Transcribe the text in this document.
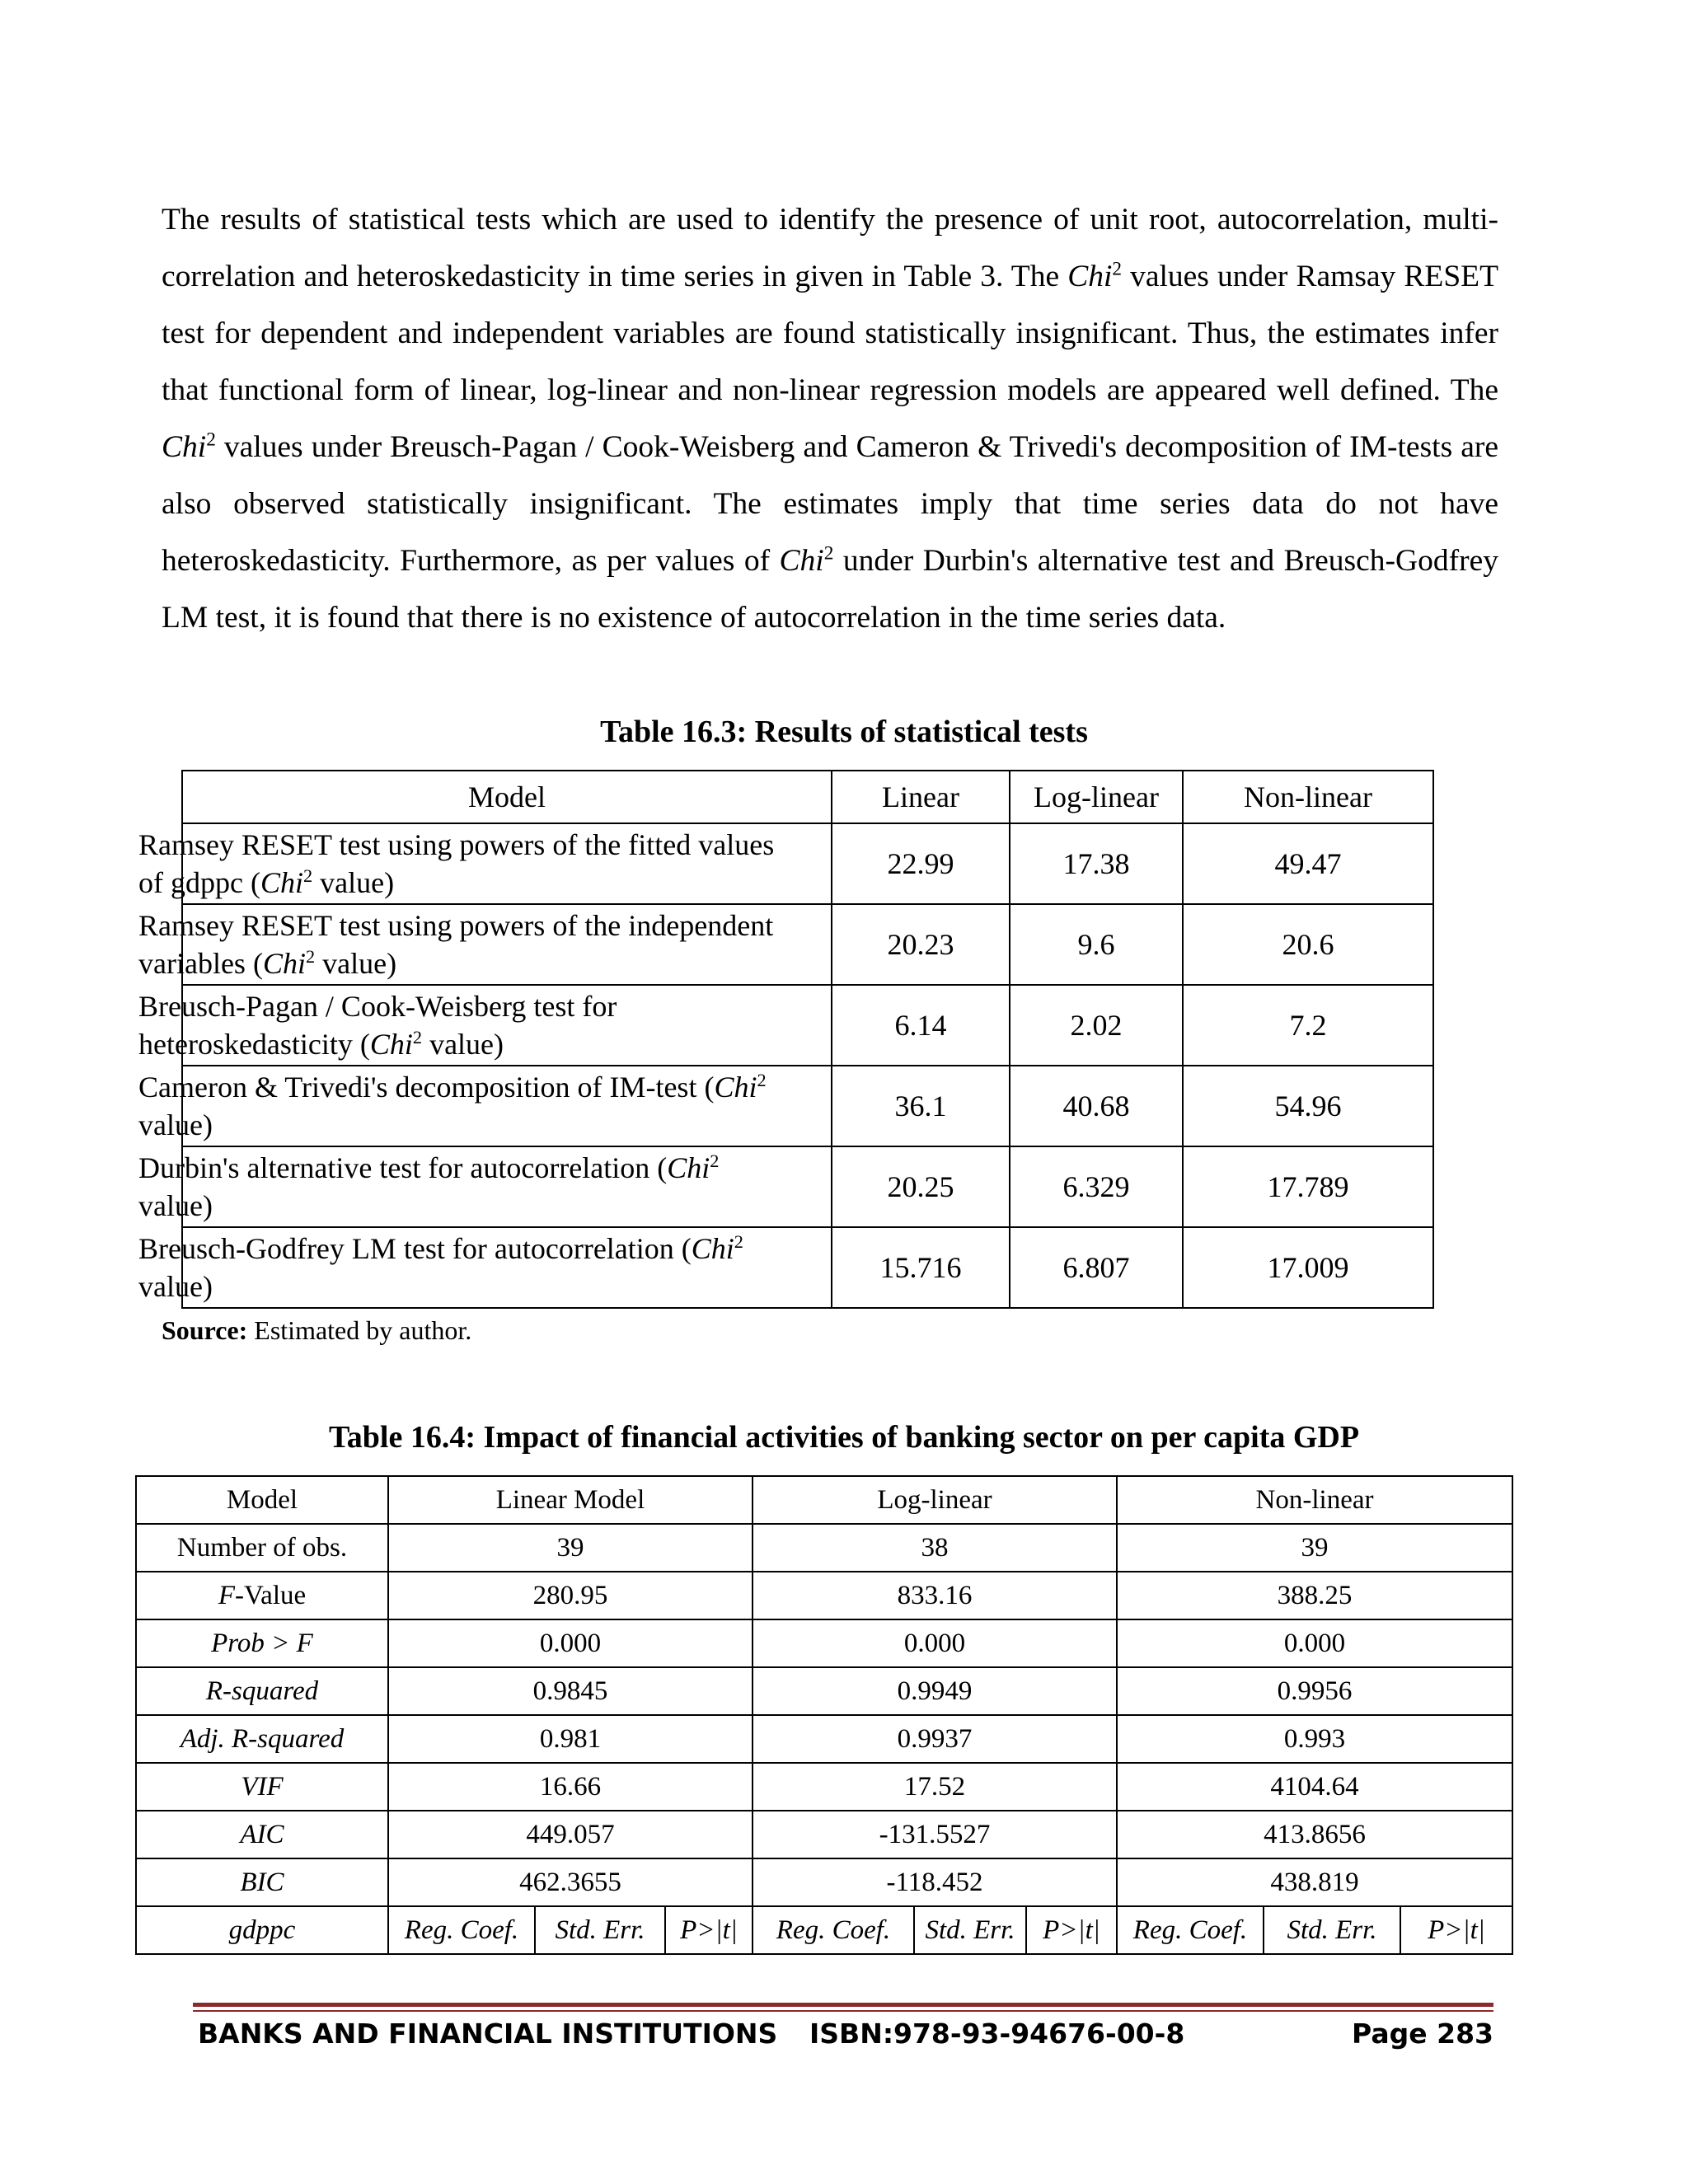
The results of statistical tests which are used to identify the presence of unit root, autocorrelation, multi-correlation and heteroskedasticity in time series in given in Table 3. The Chi$^2$ values under Ramsay RESET test for dependent and independent variables are found statistically insignificant. Thus, the estimates infer that functional form of linear, log-linear and non-linear regression models are appeared well defined. The Chi$^2$ values under Breusch-Pagan / Cook-Weisberg and Cameron & Trivedi's decomposition of IM-tests are also observed statistically insignificant. The estimates imply that time series data do not have heteroskedasticity. Furthermore, as per values of Chi$^2$ under Durbin's alternative test and Breusch-Godfrey LM test, it is found that there is no existence of autocorrelation in the time series data.

Table 16.3: Results of statistical tests

Model	Linear	Log-linear	Non-linear

Ramsey RESET test using powers of the fitted values
of gdppc (Chi$^2$ value)	22.99	17.38	49.47

Ramsey RESET test using powers of the independent
variables (Chi$^2$ value)	20.23	9.6	20.6

Breusch-Pagan / Cook-Weisberg test for
heteroskedasticity (Chi$^2$ value)	6.14	2.02	7.2

Cameron & Trivedi's decomposition of IM-test (Chi$^2$
value)	36.1	40.68	54.96

Durbin's alternative test for autocorrelation (Chi$^2$
value)	20.25	6.329	17.789

Breusch-Godfrey LM test for autocorrelation (Chi$^2$
value)	15.716	6.807	17.009

Source: Estimated by author.

Table 16.4: Impact of financial activities of banking sector on per capita GDP

Model	Linear Model			Log-linear			Non-linear		
Number of obs.	39			38			39		
F-Value	280.95			833.16			388.25		
Prob > F	0.000			0.000			0.000		
R-squared	0.9845			0.9949			0.9956		
Adj. R-squared	0.981			0.9937			0.993		
VIF	16.66			17.52			4104.64		
AIC	449.057			-131.5527			413.8656		
BIC	462.3655			-118.452			438.819		
gdppc	Reg. Coef.	Std. Err.	P>|t|	Reg. Coef.	Std. Err.	P>|t|	Reg. Coef.	Std. Err.	P>|t|
BANKS AND FINANCIAL INSTITUTIONS ISBN:978-93-94676-00-8	Page 283
